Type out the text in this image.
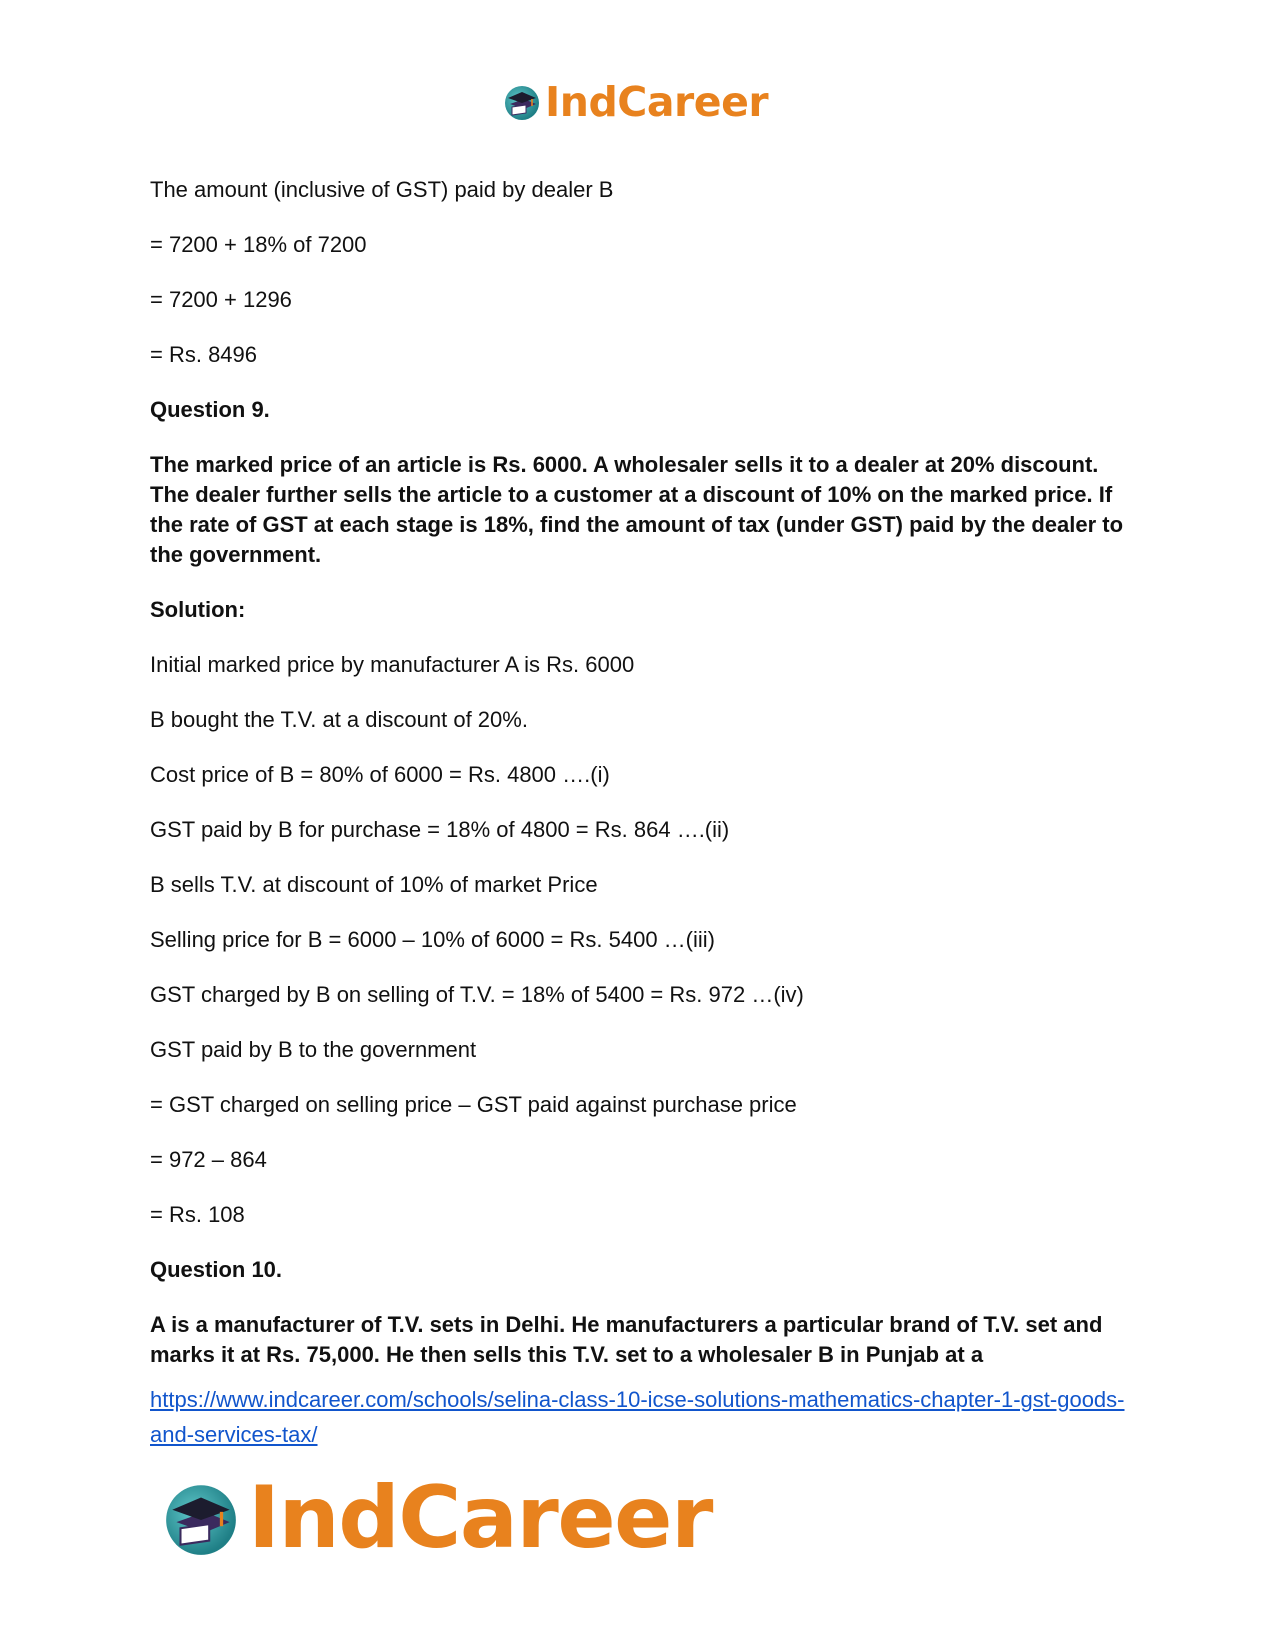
IndCareer

The amount (inclusive of GST) paid by dealer B

= 7200 + 18% of 7200

= 7200 + 1296

= Rs. 8496

Question 9.

The marked price of an article is Rs. 6000. A wholesaler sells it to a dealer at 20% discount. The dealer further sells the article to a customer at a discount of 10% on the marked price. If the rate of GST at each stage is 18%, find the amount of tax (under GST) paid by the dealer to the government.

Solution:

Initial marked price by manufacturer A is Rs. 6000

B bought the T.V. at a discount of 20%.

Cost price of B = 80% of 6000 = Rs. 4800 ….(i)

GST paid by B for purchase = 18% of 4800 = Rs. 864 ….(ii)

B sells T.V. at discount of 10% of market Price

Selling price for B = 6000 – 10% of 6000 = Rs. 5400 …(iii)

GST charged by B on selling of T.V. = 18% of 5400 = Rs. 972 …(iv)

GST paid by B to the government

= GST charged on selling price – GST paid against purchase price

= 972 – 864

= Rs. 108

Question 10.

A is a manufacturer of T.V. sets in Delhi. He manufacturers a particular brand of T.V. set and marks it at Rs. 75,000. He then sells this T.V. set to a wholesaler B in Punjab at a

https://www.indcareer.com/schools/selina-class-10-icse-solutions-mathematics-chapter-1-gst-goods-and-services-tax/
IndCareer
